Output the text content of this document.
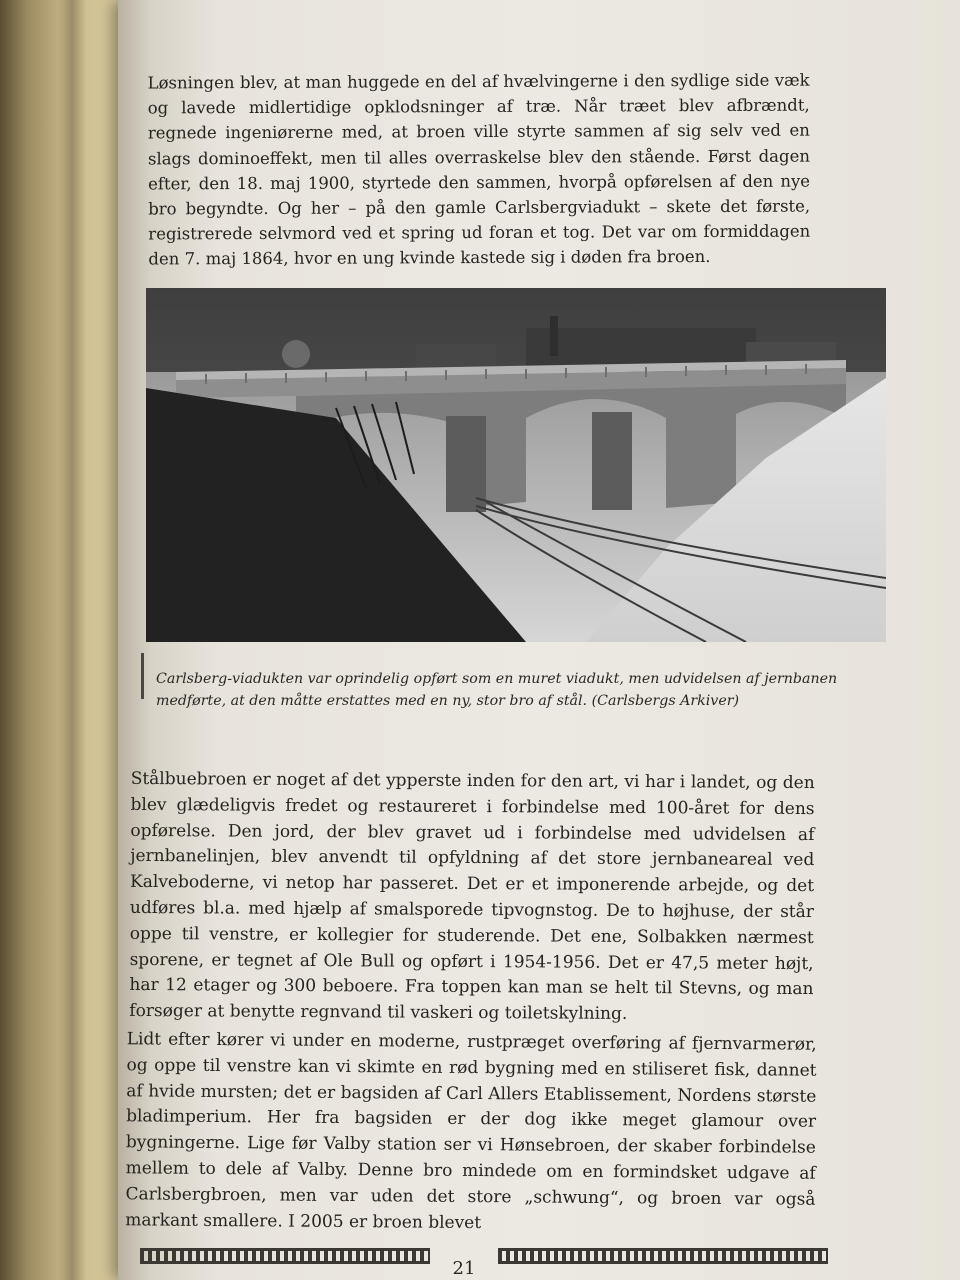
Løsningen blev, at man huggede en del af hvælvingerne i den sydlige side væk og lavede midlertidige opklodsninger af træ. Når træet blev afbrændt, regnede ingeniørerne med, at broen ville styrte sammen af sig selv ved en slags dominoeffekt, men til alles overraskelse blev den stående. Først dagen efter, den 18. maj 1900, styrtede den sammen, hvorpå opførelsen af den nye bro begyndte. Og her – på den gamle Carlsbergviadukt – skete det første, registrerede selvmord ved et spring ud foran et tog. Det var om formiddagen den 7. maj 1864, hvor en ung kvinde kastede sig i døden fra broen.

Carlsberg-viadukten var oprindelig opført som en muret viadukt, men udvidelsen af jernbanen medførte, at den måtte erstattes med en ny, stor bro af stål. (Carlsbergs Arkiver)

Stålbuebroen er noget af det ypperste inden for den art, vi har i landet, og den blev glædeligvis fredet og restaureret i forbindelse med 100-året for dens opførelse. Den jord, der blev gravet ud i forbindelse med udvidelsen af jernbanelinjen, blev anvendt til opfyldning af det store jernbaneareal ved Kalveboderne, vi netop har passeret. Det er et imponerende arbejde, og det udføres bl.a. med hjælp af smalsporede tipvognstog. De to højhuse, der står oppe til venstre, er kollegier for studerende. Det ene, Solbakken nærmest sporene, er tegnet af Ole Bull og opført i 1954-1956. Det er 47,5 meter højt, har 12 etager og 300 beboere. Fra toppen kan man se helt til Stevns, og man forsøger at benytte regnvand til vaskeri og toiletskylning.

Lidt efter kører vi under en moderne, rustpræget overføring af fjernvarmerør, og oppe til venstre kan vi skimte en rød bygning med en stiliseret fisk, dannet af hvide mursten; det er bagsiden af Carl Allers Etablissement, Nordens største bladimperium. Her fra bagsiden er der dog ikke meget glamour over bygningerne. Lige før Valby station ser vi Hønsebroen, der skaber forbindelse mellem to dele af Valby. Denne bro mindede om en formindsket udgave af Carlsbergbroen, men var uden det store „schwung“, og broen var også markant smallere. I 2005 er broen blevet

21
